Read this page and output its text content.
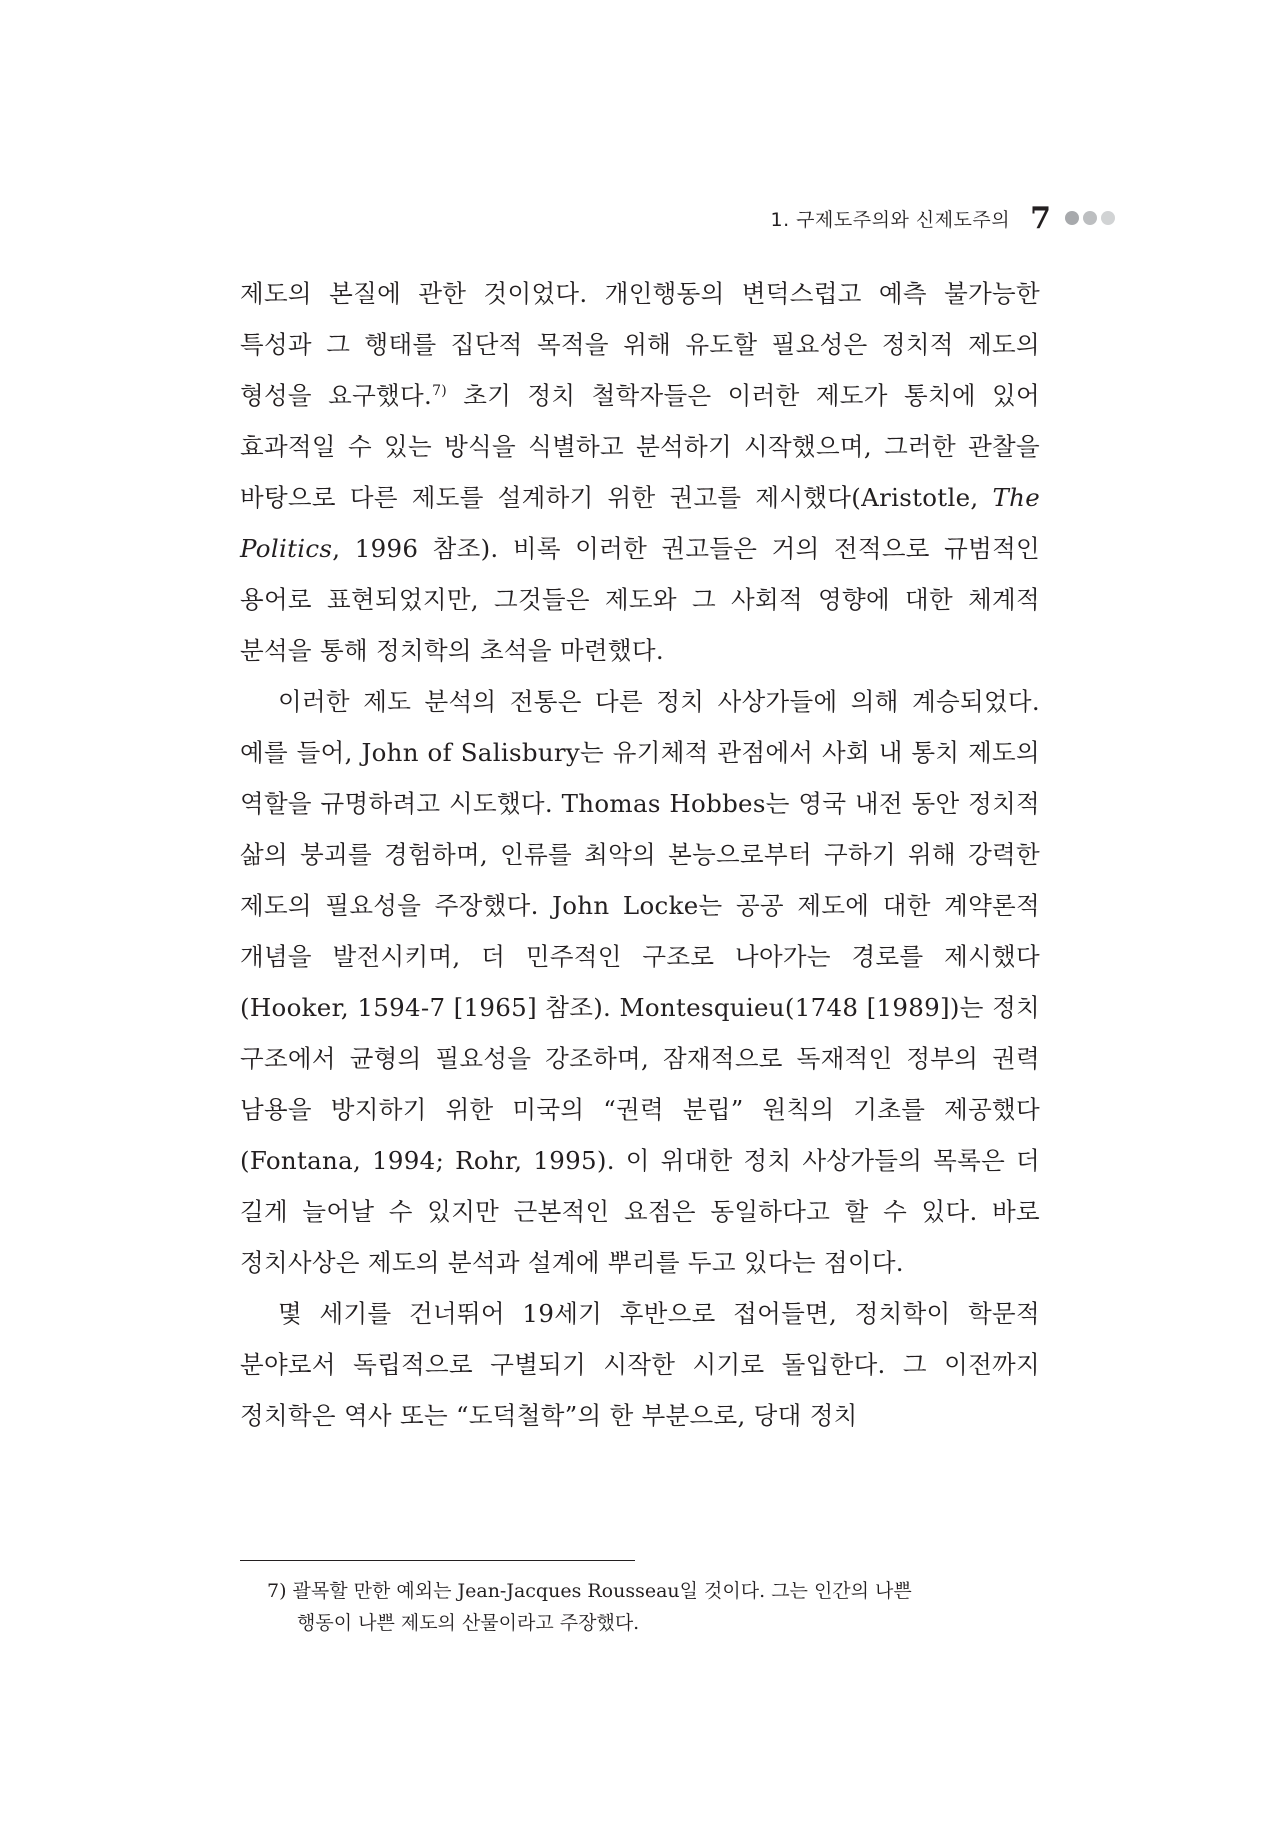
1. 구제도주의와 신제도주의 7

제도의 본질에 관한 것이었다. 개인행동의 변덕스럽고 예측 불가능한 특성과 그 행태를 집단적 목적을 위해 유도할 필요성은 정치적 제도의 형성을 요구했다.$^{7)}$ 초기 정치 철학자들은 이러한 제도가 통치에 있어 효과적일 수 있는 방식을 식별하고 분석하기 시작했으며, 그러한 관찰을 바탕으로 다른 제도를 설계하기 위한 권고를 제시했다(Aristotle, The Politics, 1996 참조). 비록 이러한 권고들은 거의 전적으로 규범적인 용어로 표현되었지만, 그것들은 제도와 그 사회적 영향에 대한 체계적 분석을 통해 정치학의 초석을 마련했다.

이러한 제도 분석의 전통은 다른 정치 사상가들에 의해 계승되었다. 예를 들어, John of Salisbury는 유기체적 관점에서 사회 내 통치 제도의 역할을 규명하려고 시도했다. Thomas Hobbes는 영국 내전 동안 정치적 삶의 붕괴를 경험하며, 인류를 최악의 본능으로부터 구하기 위해 강력한 제도의 필요성을 주장했다. John Locke는 공공 제도에 대한 계약론적 개념을 발전시키며, 더 민주적인 구조로 나아가는 경로를 제시했다(Hooker, 1594-7 [1965] 참조). Montesquieu(1748 [1989])는 정치 구조에서 균형의 필요성을 강조하며, 잠재적으로 독재적인 정부의 권력 남용을 방지하기 위한 미국의 “권력 분립” 원칙의 기초를 제공했다(Fontana, 1994; Rohr, 1995). 이 위대한 정치 사상가들의 목록은 더 길게 늘어날 수 있지만 근본적인 요점은 동일하다고 할 수 있다. 바로 정치사상은 제도의 분석과 설계에 뿌리를 두고 있다는 점이다.

몇 세기를 건너뛰어 19세기 후반으로 접어들면, 정치학이 학문적 분야로서 독립적으로 구별되기 시작한 시기로 돌입한다. 그 이전까지 정치학은 역사 또는 “도덕철학”의 한 부분으로, 당대 정치

7) 괄목할 만한 예외는 Jean-Jacques Rousseau일 것이다. 그는 인간의 나쁜
행동이 나쁜 제도의 산물이라고 주장했다.
